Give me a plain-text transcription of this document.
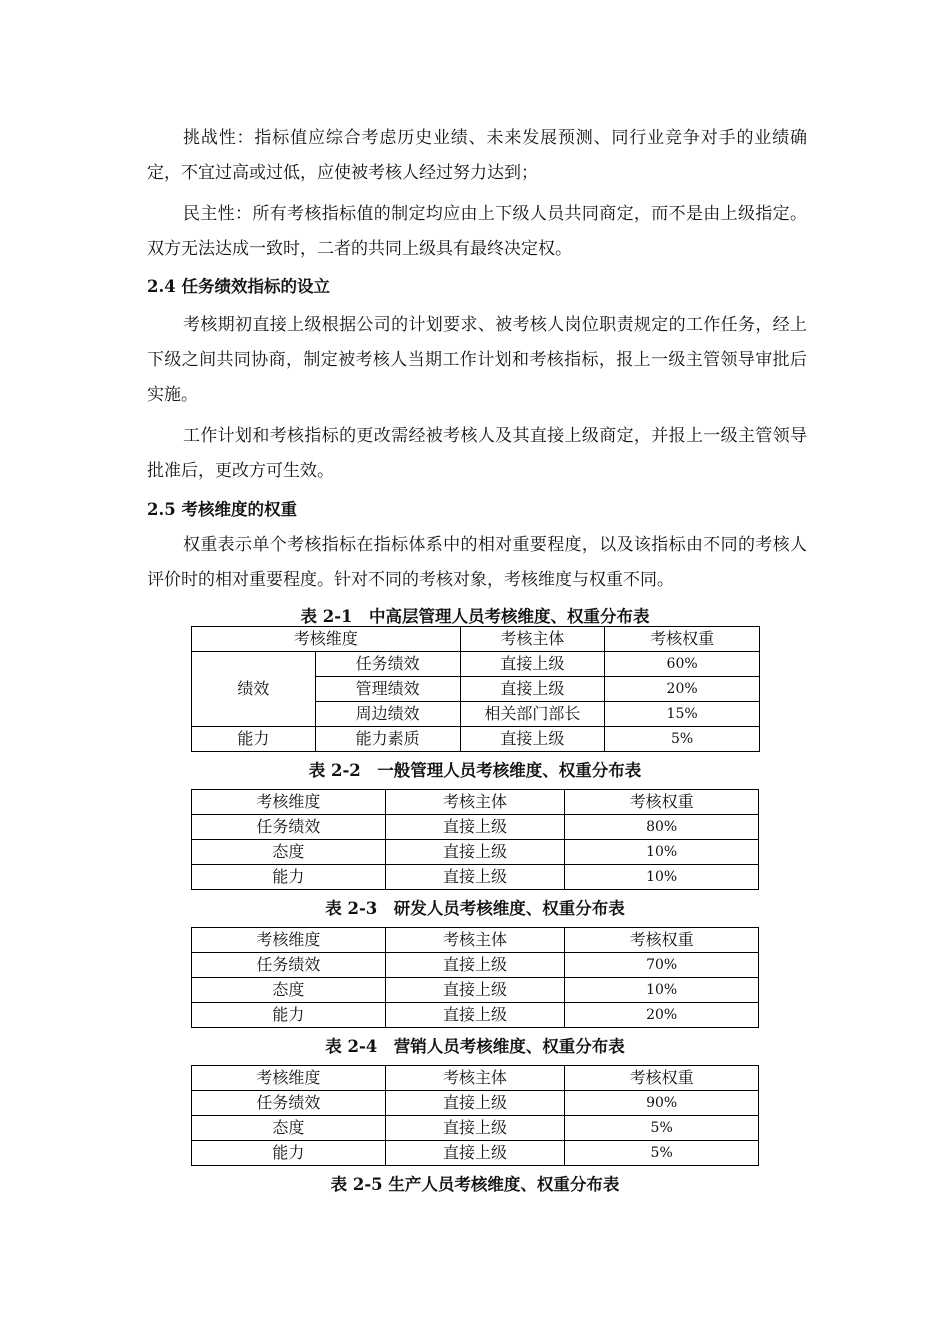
挑战性：指标值应综合考虑历史业绩、未来发展预测、同行业竞争对手的业绩确定，不宜过高或过低，应使被考核人经过努力达到；

民主性：所有考核指标值的制定均应由上下级人员共同商定，而不是由上级指定。双方无法达成一致时，二者的共同上级具有最终决定权。

2.4 任务绩效指标的设立

考核期初直接上级根据公司的计划要求、被考核人岗位职责规定的工作任务，经上下级之间共同协商，制定被考核人当期工作计划和考核指标，报上一级主管领导审批后实施。

工作计划和考核指标的更改需经被考核人及其直接上级商定，并报上一级主管领导批准后，更改方可生效。

2.5 考核维度的权重

权重表示单个考核指标在指标体系中的相对重要程度，以及该指标由不同的考核人评价时的相对重要程度。针对不同的考核对象，考核维度与权重不同。

表 2-1　中高层管理人员考核维度、权重分布表
考核维度		考核主体	考核权重
绩效	任务绩效	直接上级	60%
	管理绩效	直接上级	20%
	周边绩效	相关部门部长	15%
能力	能力素质	直接上级	5%
表 2-2　一般管理人员考核维度、权重分布表
考核维度	考核主体	考核权重
任务绩效	直接上级	80%
态度	直接上级	10%
能力	直接上级	10%
表 2-3　研发人员考核维度、权重分布表
考核维度	考核主体	考核权重
任务绩效	直接上级	70%
态度	直接上级	10%
能力	直接上级	20%
表 2-4　营销人员考核维度、权重分布表
考核维度	考核主体	考核权重
任务绩效	直接上级	90%
态度	直接上级	5%
能力	直接上级	5%
表 2-5 生产人员考核维度、权重分布表
